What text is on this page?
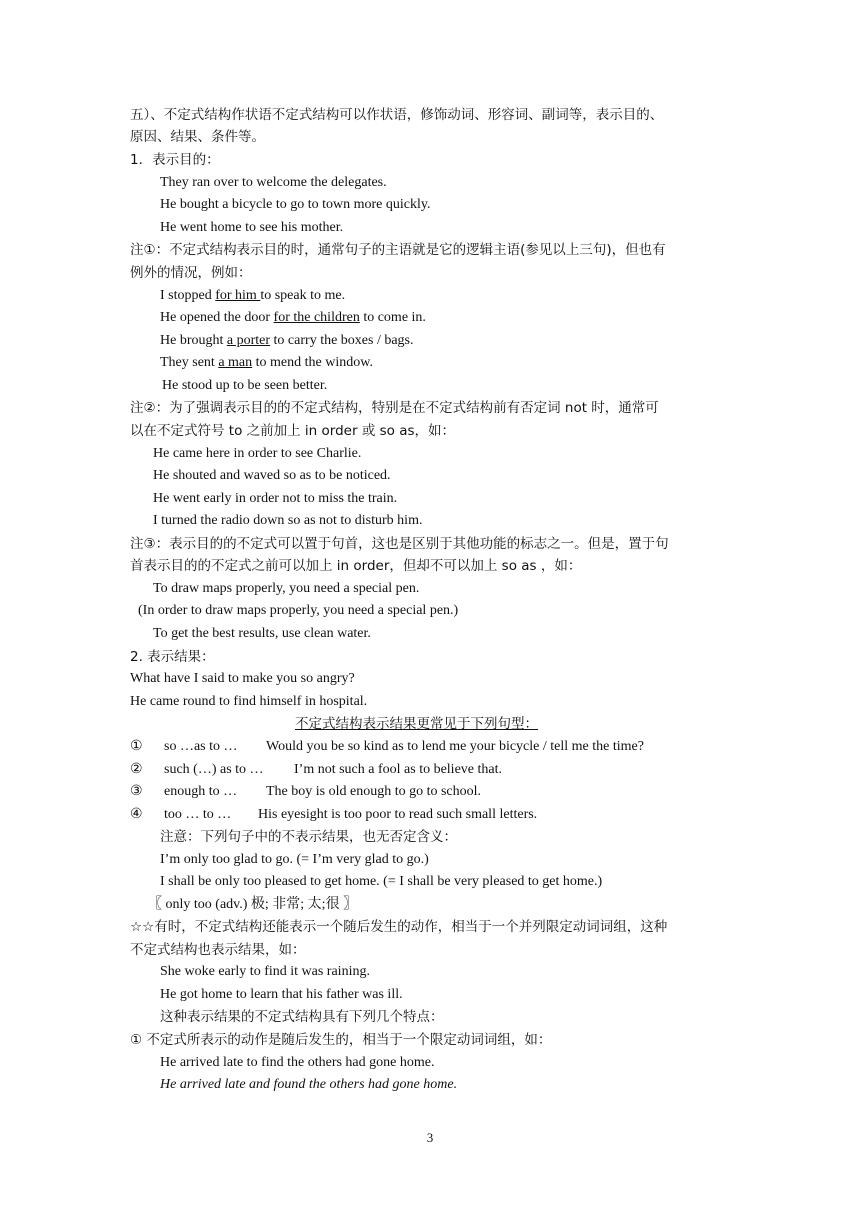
五）、不定式结构作状语不定式结构可以作状语，修饰动词、形容词、副词等，表示目的、
原因、结果、条件等。
1．表示目的：
They ran over to welcome the delegates.
He bought a bicycle to go to town more quickly.
He went home to see his mother.
注①：不定式结构表示目的时，通常句子的主语就是它的逻辑主语(参见以上三句)，但也有
例外的情况，例如：
I stopped for him to speak to me.
He opened the door for the children to come in.
He brought a porter to carry the boxes / bags.
They sent a man to mend the window.
He stood up to be seen better.
注②：为了强调表示目的的不定式结构，特别是在不定式结构前有否定词 not 时，通常可
以在不定式符号 to 之前加上 in order 或 so as，如：
He came here in order to see Charlie.
He shouted and waved so as to be noticed.
He went early in order not to miss the train.
I turned the radio down so as not to disturb him.
注③：表示目的的不定式可以置于句首，这也是区别于其他功能的标志之一。但是，置于句
首表示目的的不定式之前可以加上 in order，但却不可以加上 so as ，如：
To draw maps properly, you need a special pen.
(In order to draw maps properly, you need a special pen.)
To get the best results, use clean water.
2. 表示结果：
What have I said to make you so angry?
He came round to find himself in hospital.
不定式结构表示结果更常见于下列句型：
① so …as to … Would you be so kind as to lend me your bicycle / tell me the time?
② such (…) as to … I’m not such a fool as to believe that.
③ enough to … The boy is old enough to go to school.
④ too … to … His eyesight is too poor to read such small letters.
注意：下列句子中的不表示结果，也无否定含义：
I’m only too glad to go. (= I’m very glad to go.)
I shall be only too pleased to get home. (= I shall be very pleased to get home.)
〖 only too (adv.) 极; 非常; 太;很 〗
☆☆有时，不定式结构还能表示一个随后发生的动作，相当于一个并列限定动词词组，这种
不定式结构也表示结果，如：
She woke early to find it was raining.
He got home to learn that his father was ill.
这种表示结果的不定式结构具有下列几个特点：
① 不定式所表示的动作是随后发生的，相当于一个限定动词词组，如：
He arrived late to find the others had gone home.
He arrived late and found the others had gone home.
3
